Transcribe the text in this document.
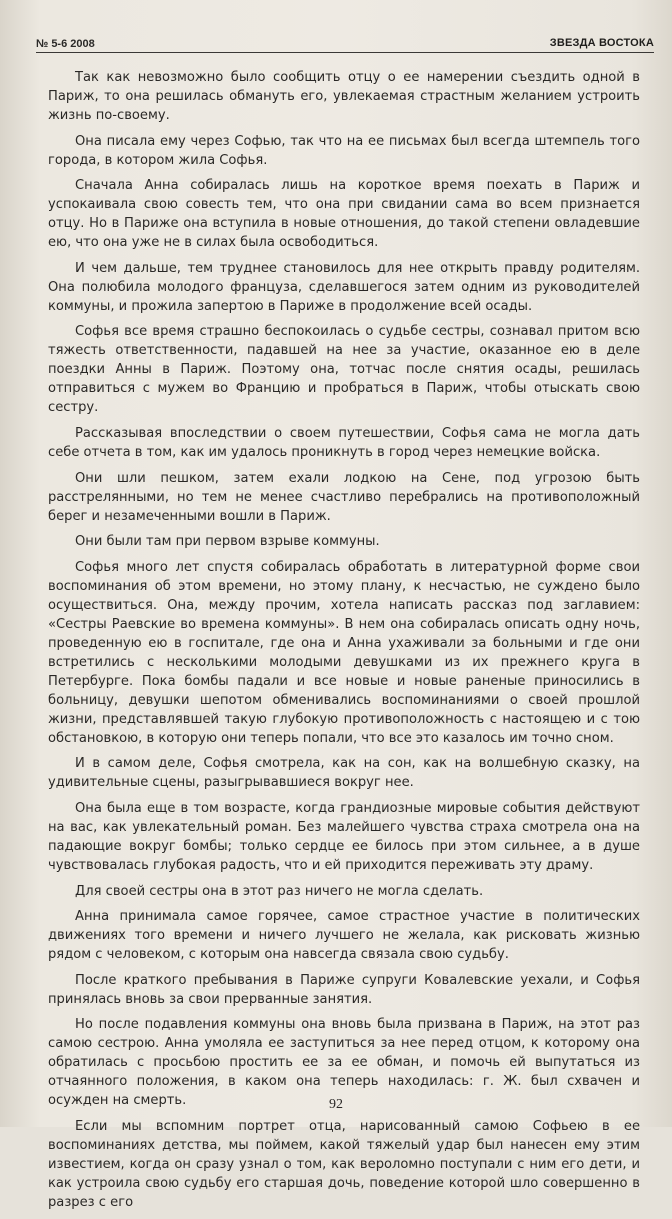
№ 5-6 2008	ЗВЕЗДА ВОСТОКА

Так как невозможно было сообщить отцу о ее намерении съездить одной в Париж, то она решилась обмануть его, увлекаемая страстным желанием устроить жизнь по-своему.

Она писала ему через Софью, так что на ее письмах был всегда штемпель того города, в котором жила Софья.

Сначала Анна собиралась лишь на короткое время поехать в Париж и успокаивала свою совесть тем, что она при свидании сама во всем признается отцу. Но в Париже она вступила в новые отношения, до такой степени овладевшие ею, что она уже не в силах была освободиться.

И чем дальше, тем труднее становилось для нее открыть правду родителям. Она полюбила молодого француза, сделавшегося затем одним из руководителей коммуны, и прожила запертою в Париже в продолжение всей осады.

Софья все время страшно беспокоилась о судьбе сестры, сознавал притом всю тяжесть ответственности, падавшей на нее за участие, оказанное ею в деле поездки Анны в Париж. Поэтому она, тотчас после снятия осады, решилась отправиться с мужем во Францию и пробраться в Париж, чтобы отыскать свою сестру.

Рассказывая впоследствии о своем путешествии, Софья сама не могла дать себе отчета в том, как им удалось проникнуть в город через немецкие войска.

Они шли пешком, затем ехали лодкою на Сене, под угрозою быть расстрелянными, но тем не менее счастливо перебрались на противоположный берег и незамеченными вошли в Париж.

Они были там при первом взрыве коммуны.

Софья много лет спустя собиралась обработать в литературной форме свои воспоминания об этом времени, но этому плану, к несчастью, не суждено было осуществиться. Она, между прочим, хотела написать рассказ под заглавием: «Сестры Раевские во времена коммуны». В нем она собиралась описать одну ночь, проведенную ею в госпитале, где она и Анна ухаживали за больными и где они встретились с несколькими молодыми девушками из их прежнего круга в Петербурге. Пока бомбы падали и все новые и новые раненые приносились в больницу, девушки шепотом обменивались воспоминаниями о своей прошлой жизни, представлявшей такую глубокую противоположность с настоящею и с тою обстановкою, в которую они теперь попали, что все это казалось им точно сном.

И в самом деле, Софья смотрела, как на сон, как на волшебную сказку, на удивительные сцены, разыгрывавшиеся вокруг нее.

Она была еще в том возрасте, когда грандиозные мировые события действуют на вас, как увлекательный роман. Без малейшего чувства страха смотрела она на падающие вокруг бомбы; только сердце ее билось при этом сильнее, а в душе чувствовалась глубокая радость, что и ей приходится переживать эту драму.

Для своей сестры она в этот раз ничего не могла сделать.

Анна принимала самое горячее, самое страстное участие в политических движениях того времени и ничего лучшего не желала, как рисковать жизнью рядом с человеком, с которым она навсегда связала свою судьбу.

После краткого пребывания в Париже супруги Ковалевские уехали, и Софья принялась вновь за свои прерванные занятия.

Но после подавления коммуны она вновь была призвана в Париж, на этот раз самою сестрою. Анна умоляла ее заступиться за нее перед отцом, к которому она обратилась с просьбою простить ее за ее обман, и помочь ей выпутаться из отчаянного положения, в каком она теперь находилась: г. Ж. был схвачен и осужден на смерть.

Если мы вспомним портрет отца, нарисованный самою Софьею в ее воспоминаниях детства, мы поймем, какой тяжелый удар был нанесен ему этим известием, когда он сразу узнал о том, как вероломно поступали с ним его дети, и как устроила свою судьбу его старшая дочь, поведение которой шло совершенно в разрез с его

92
